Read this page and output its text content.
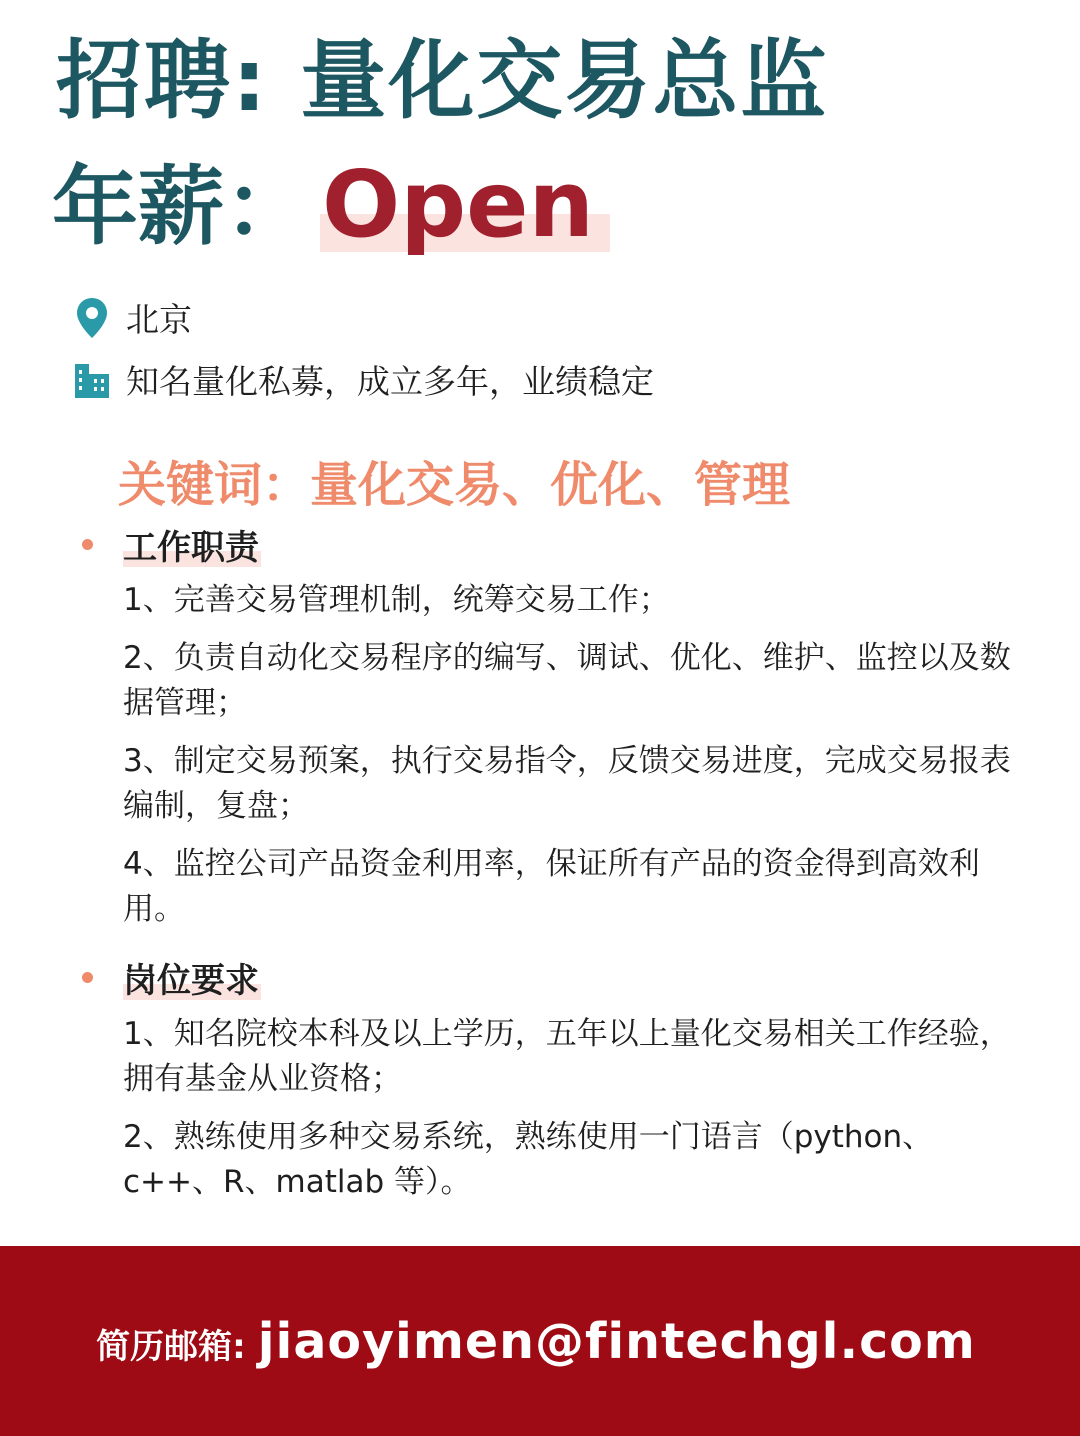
招聘: 量化交易总监
年薪： Open
北京
知名量化私募，成立多年，业绩稳定
关键词：量化交易、优化、管理
工作职责
1、完善交易管理机制，统筹交易工作；
2、负责自动化交易程序的编写、调试、优化、维护、监控以及数据管理；
3、制定交易预案，执行交易指令，反馈交易进度，完成交易报表编制，复盘；
4、监控公司产品资金利用率，保证所有产品的资金得到高效利用。
岗位要求
1、知名院校本科及以上学历，五年以上量化交易相关工作经验，拥有基金从业资格；
2、熟练使用多种交易系统，熟练使用一门语言（python、c++、R、matlab 等）。
简历邮箱: jiaoyimen@fintechgl.com
